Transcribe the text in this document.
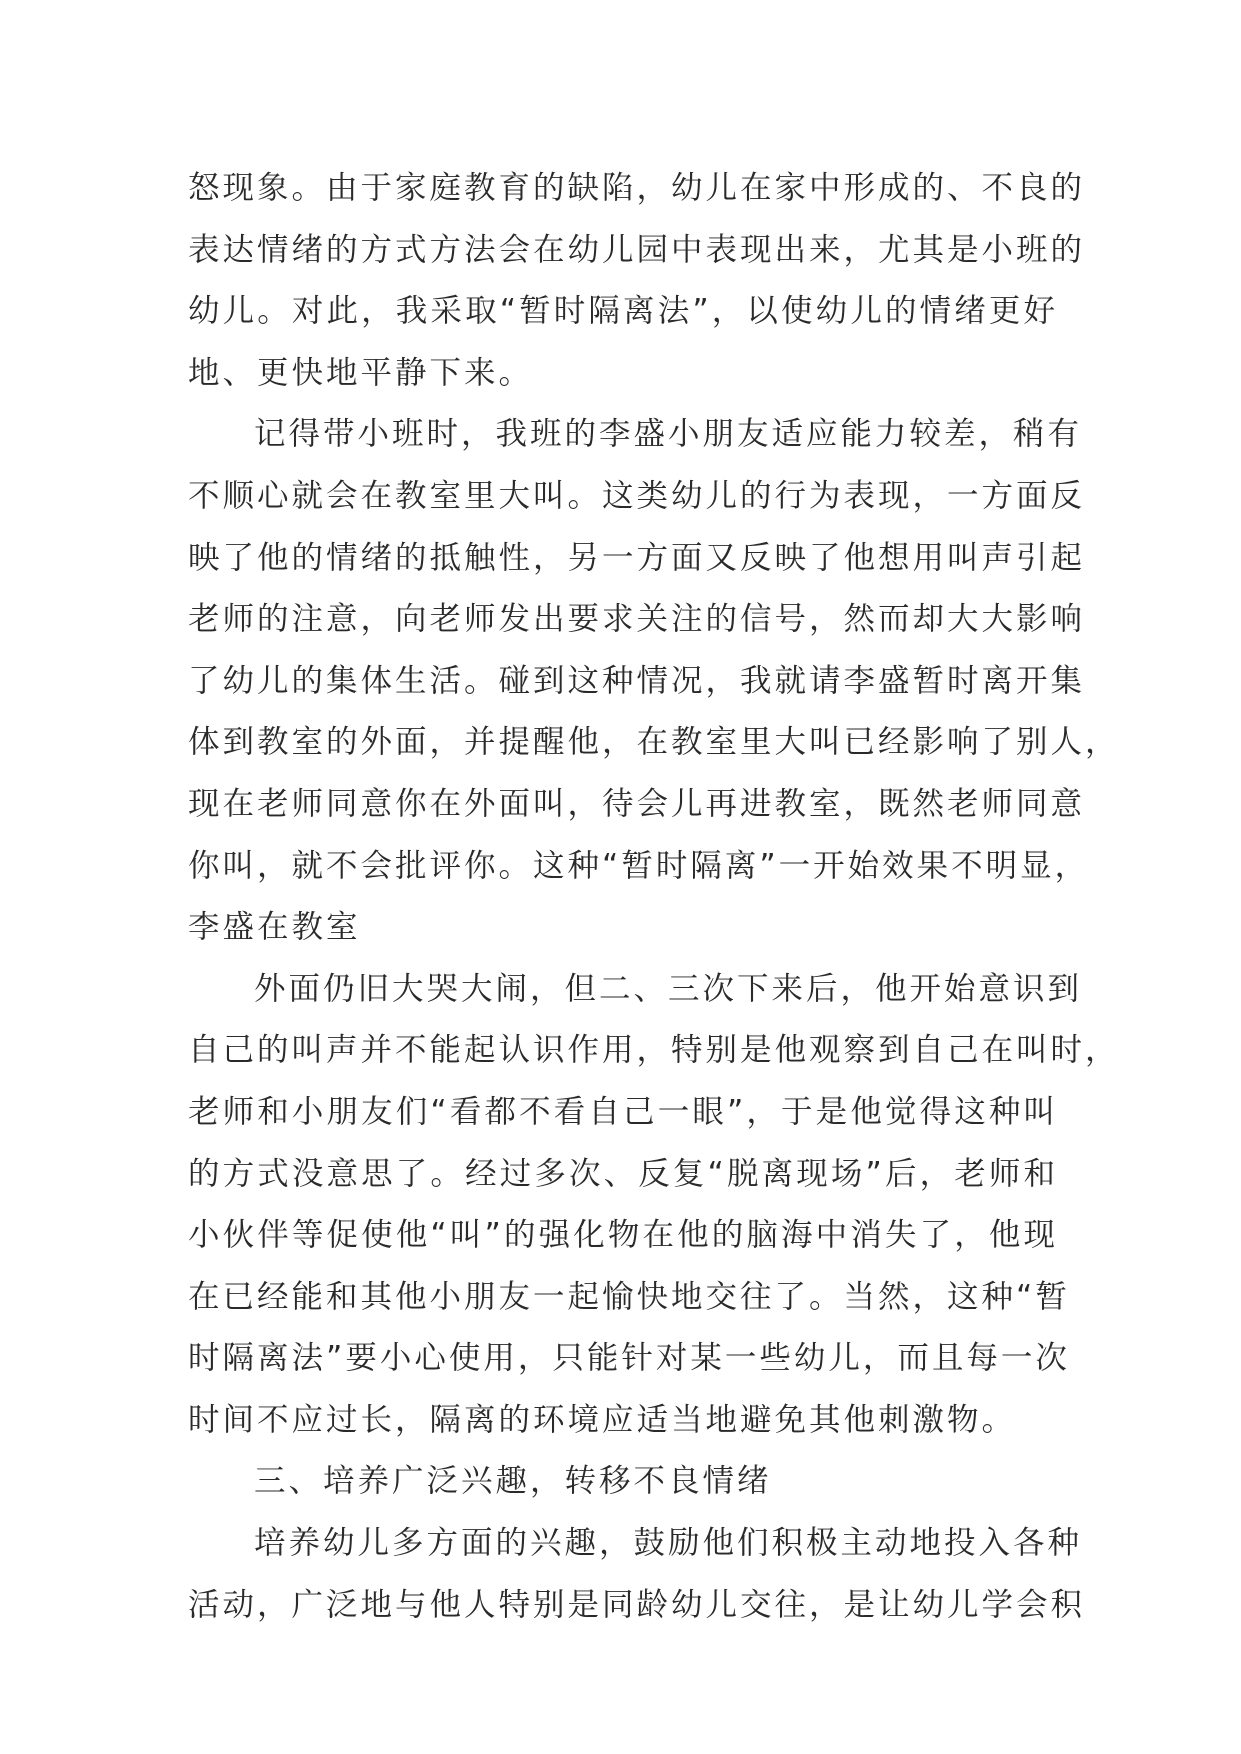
怒现象。由于家庭教育的缺陷，幼儿在家中形成的、不良的
表达情绪的方式方法会在幼儿园中表现出来，尤其是小班的
幼儿。对此，我采取“暂时隔离法”，以使幼儿的情绪更好
地、更快地平静下来。
记得带小班时，我班的李盛小朋友适应能力较差，稍有
不顺心就会在教室里大叫。这类幼儿的行为表现，一方面反
映了他的情绪的抵触性，另一方面又反映了他想用叫声引起
老师的注意，向老师发出要求关注的信号，然而却大大影响
了幼儿的集体生活。碰到这种情况，我就请李盛暂时离开集
体到教室的外面，并提醒他，在教室里大叫已经影响了别人，
现在老师同意你在外面叫，待会儿再进教室，既然老师同意
你叫，就不会批评你。这种“暂时隔离”一开始效果不明显，
李盛在教室
外面仍旧大哭大闹，但二、三次下来后，他开始意识到
自己的叫声并不能起认识作用，特别是他观察到自己在叫时，
老师和小朋友们“看都不看自己一眼”，于是他觉得这种叫
的方式没意思了。经过多次、反复“脱离现场”后，老师和
小伙伴等促使他“叫”的强化物在他的脑海中消失了，他现
在已经能和其他小朋友一起愉快地交往了。当然，这种“暂
时隔离法”要小心使用，只能针对某一些幼儿，而且每一次
时间不应过长，隔离的环境应适当地避免其他刺激物。
三、培养广泛兴趣，转移不良情绪
培养幼儿多方面的兴趣，鼓励他们积极主动地投入各种
活动，广泛地与他人特别是同龄幼儿交往，是让幼儿学会积
